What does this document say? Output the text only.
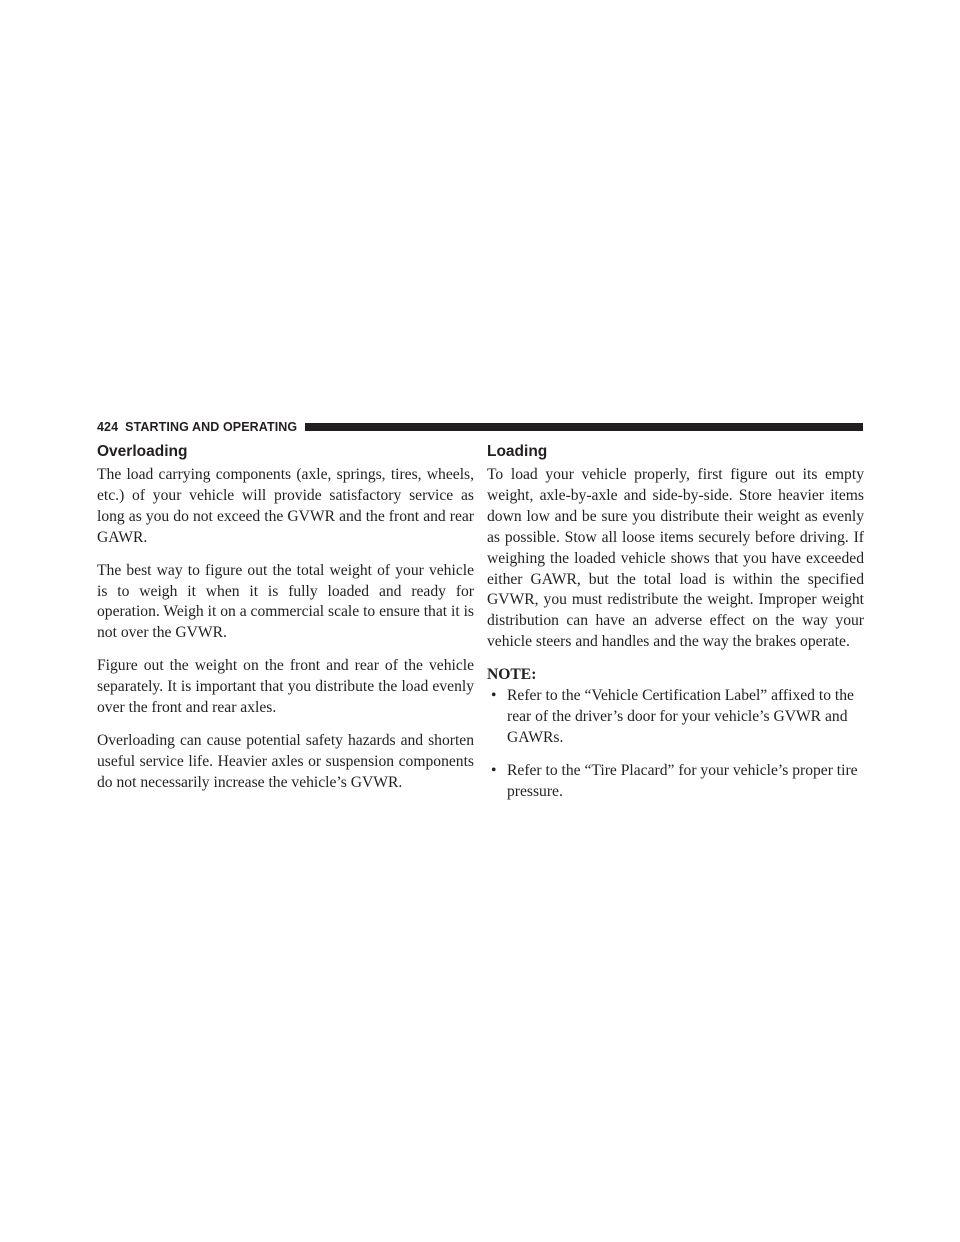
424 STARTING AND OPERATING
Overloading

The load carrying components (axle, springs, tires, wheels, etc.) of your vehicle will provide satisfactory service as long as you do not exceed the GVWR and the front and rear GAWR.

The best way to figure out the total weight of your vehicle is to weigh it when it is fully loaded and ready for operation. Weigh it on a commercial scale to ensure that it is not over the GVWR.

Figure out the weight on the front and rear of the vehicle separately. It is important that you distribute the load evenly over the front and rear axles.

Overloading can cause potential safety hazards and shorten useful service life. Heavier axles or suspension components do not necessarily increase the vehicle’s GVWR.

Loading

To load your vehicle properly, first figure out its empty weight, axle-by-axle and side-by-side. Store heavier items down low and be sure you distribute their weight as evenly as possible. Stow all loose items securely before driving. If weighing the loaded vehicle shows that you have exceeded either GAWR, but the total load is within the specified GVWR, you must redistribute the weight. Improper weight distribution can have an adverse effect on the way your vehicle steers and handles and the way the brakes operate.

NOTE:
• Refer to the “Vehicle Certification Label” affixed to the rear of the driver’s door for your vehicle’s GVWR and GAWRs.
• Refer to the “Tire Placard” for your vehicle’s proper tire pressure.
